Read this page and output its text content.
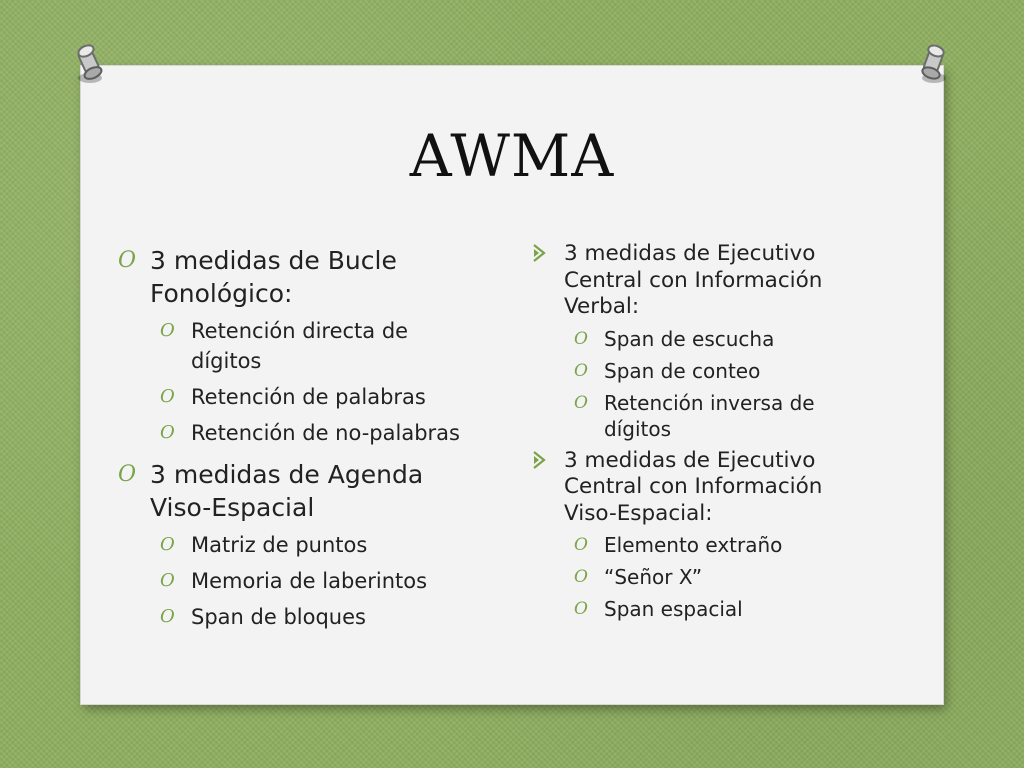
AWMA
O 3 medidas de Bucle Fonológico:
O Retención directa de dígitos
O Retención de palabras
O Retención de no-palabras
O 3 medidas de Agenda Viso-Espacial
O Matriz de puntos
O Memoria de laberintos
O Span de bloques
3 medidas de Ejecutivo Central con Información Verbal:
O Span de escucha
O Span de conteo
O Retención inversa de dígitos
3 medidas de Ejecutivo Central con Información Viso-Espacial:
O Elemento extraño
O “Señor X”
O Span espacial
